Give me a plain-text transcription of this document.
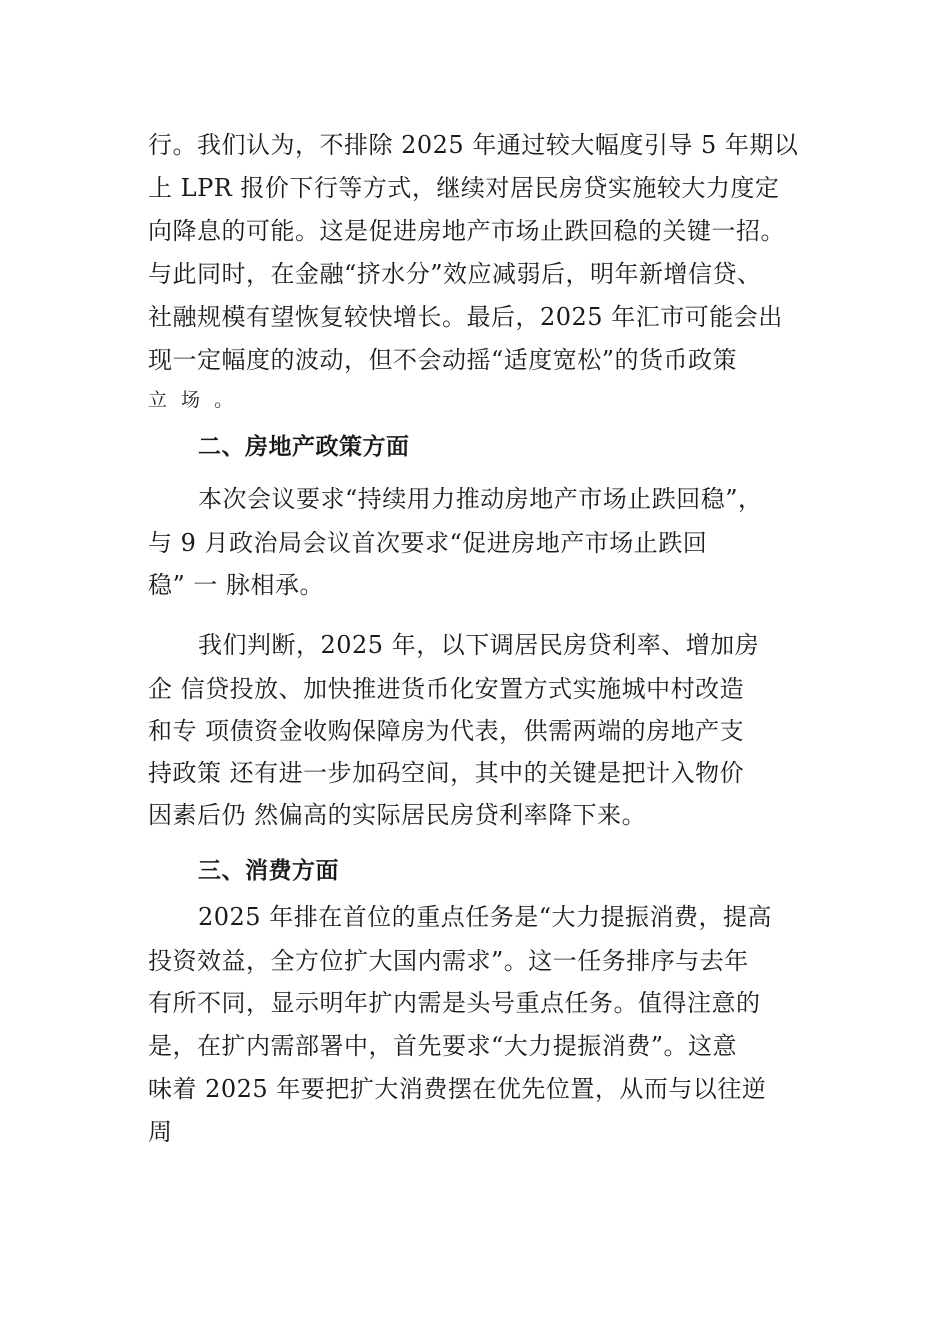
行。我们认为，不排除 2025 年通过较大幅度引导 5 年期以
上 LPR 报价下行等方式，继续对居民房贷实施较大力度定
向降息的可能。这是促进房地产市场止跌回稳的关键一招。
与此同时，在金融“挤水分”效应减弱后，明年新增信贷、
社融规模有望恢复较快增长。最后，2025 年汇市可能会出
现一定幅度的波动，但不会动摇“适度宽松”的货币政策
立 场 。
二、房地产政策方面
本次会议要求“持续用力推动房地产市场止跌回稳”，
与 9 月政治局会议首次要求“促进房地产市场止跌回
稳” 一 脉相承。
我们判断，2025 年，以下调居民房贷利率、增加房
企 信贷投放、加快推进货币化安置方式实施城中村改造
和专 项债资金收购保障房为代表，供需两端的房地产支
持政策 还有进一步加码空间，其中的关键是把计入物价
因素后仍 然偏高的实际居民房贷利率降下来。
三、消费方面
2025 年排在首位的重点任务是“大力提振消费，提高
投资效益，全方位扩大国内需求”。这一任务排序与去年
有所不同，显示明年扩内需是头号重点任务。值得注意的
是，在扩内需部署中，首先要求“大力提振消费”。这意
味着 2025 年要把扩大消费摆在优先位置，从而与以往逆
周
